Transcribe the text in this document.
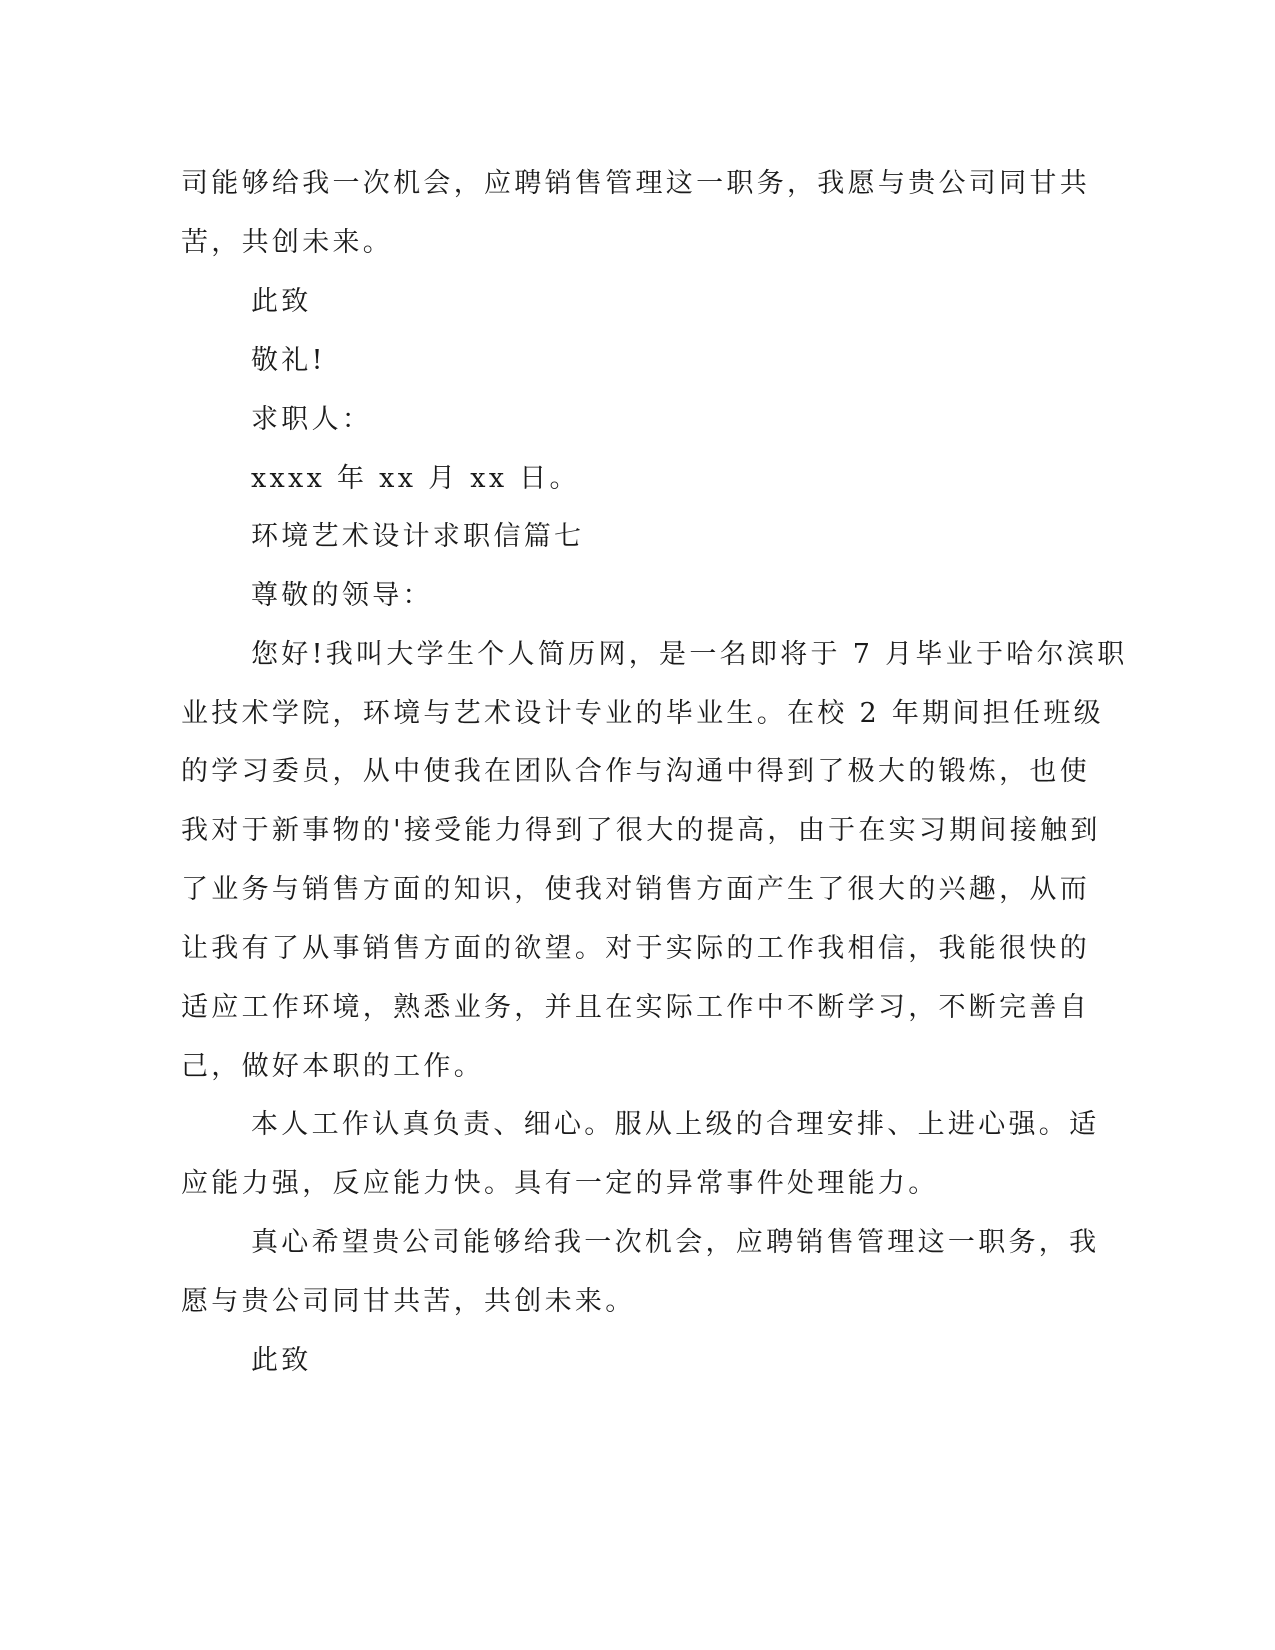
司能够给我一次机会，应聘销售管理这一职务，我愿与贵公司同甘共
苦，共创未来。
此致
敬礼!
求职人：
xxxx 年 xx 月 xx 日。
环境艺术设计求职信篇七
尊敬的领导：
您好!我叫大学生个人简历网，是一名即将于 7 月毕业于哈尔滨职
业技术学院，环境与艺术设计专业的毕业生。在校 2 年期间担任班级
的学习委员，从中使我在团队合作与沟通中得到了极大的锻炼，也使
我对于新事物的'接受能力得到了很大的提高，由于在实习期间接触到
了业务与销售方面的知识，使我对销售方面产生了很大的兴趣，从而
让我有了从事销售方面的欲望。对于实际的工作我相信，我能很快的
适应工作环境，熟悉业务，并且在实际工作中不断学习，不断完善自
己，做好本职的工作。
本人工作认真负责、细心。服从上级的合理安排、上进心强。适
应能力强，反应能力快。具有一定的异常事件处理能力。
真心希望贵公司能够给我一次机会，应聘销售管理这一职务，我
愿与贵公司同甘共苦，共创未来。
此致
